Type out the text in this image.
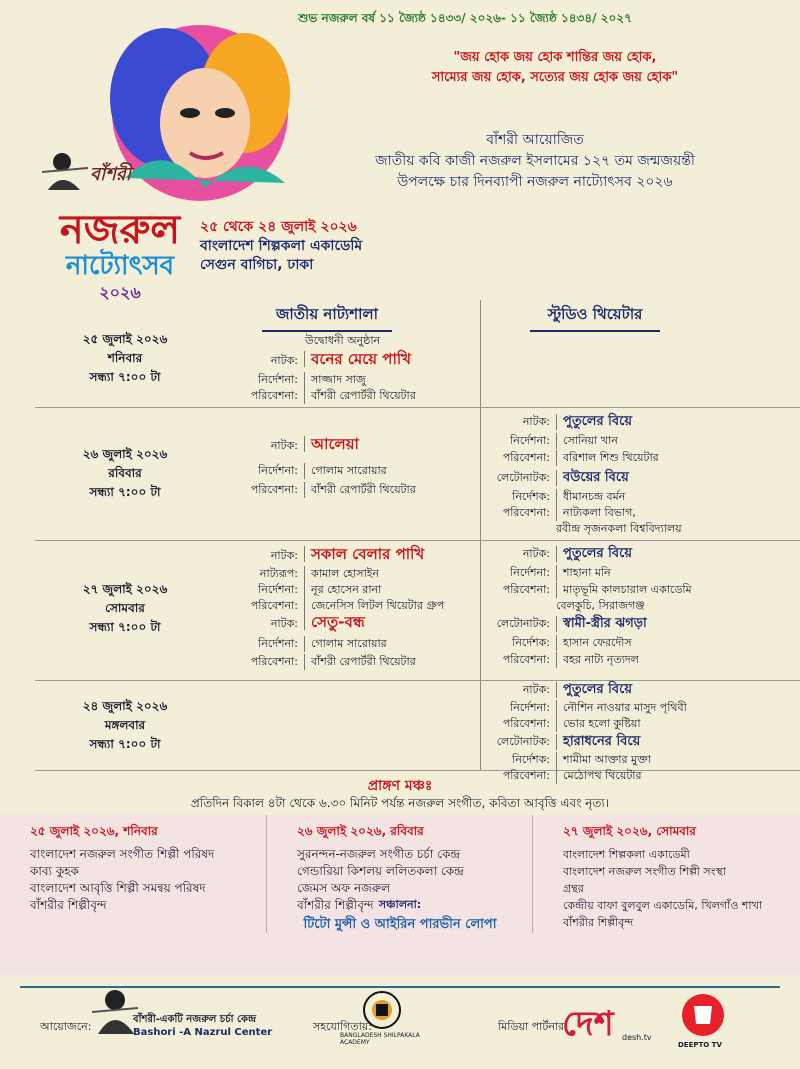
শুভ নজরুল বর্ষ ১১ জ্যৈষ্ঠ ১৪৩৩/ ২০২৬- ১১ জ্যৈষ্ঠ ১৪৩৪/ ২০২৭
"জয় হোক জয় হোক শান্তির জয় হোক,
সাম্যের জয় হোক, সত্যের জয় হোক জয় হোক"
বাঁশরী আয়োজিত
জাতীয় কবি কাজী নজরুল ইসলামের ১২৭ তম জন্মজয়ন্তী
উপলক্ষে চার দিনব্যাপী নজরুল নাট্যোৎসব ২০২৬
বাঁশরী
নজরুল
নাট্যোৎসব
২০২৬
২৫ থেকে ২৪ জুলাই ২০২৬
বাংলাদেশ শিল্পকলা একাডেমি
সেগুন বাগিচা, ঢাকা
জাতীয় নাট্যশালা	স্টুডিও থিয়েটার
২৫ জুলাই ২০২৬
শনিবার
সন্ধ্যা ৭:০০ টা
উদ্বোধনী অনুষ্ঠান
নাটক: বনের মেয়ে পাখি
নির্দেশনা: সাজ্জাদ সাজু
পরিবেশনা: বাঁশরী রেপার্টরী থিয়েটার
২৬ জুলাই ২০২৬
রবিবার
সন্ধ্যা ৭:০০ টা
নাটক: আলেয়া
নির্দেশনা: গোলাম সারোয়ার
পরিবেশনা: বাঁশরী রেপার্টরী থিয়েটার
নাটক: পুতুলের বিয়ে
নির্দেশনা: সোনিয়া খান
পরিবেশনা: বরিশাল শিশু থিয়েটার
লেটোনাটক: বউয়ের বিয়ে
নির্দেশক: ধীমানচন্দ্র বর্মন
পরিবেশনা: নাট্যকলা বিভাগ,
রবীন্দ্র সৃজনকলা বিশ্ববিদ্যালয়
২৭ জুলাই ২০২৬
সোমবার
সন্ধ্যা ৭:০০ টা
নাটক: সকাল বেলার পাখি
নাট্যরূপ: কামাল হোসাইন
নির্দেশনা: নূর হোসেন রানা
পরিবেশনা: জেনেসিস লিটল থিয়েটার গ্রুপ
নাটক: সেতু-বন্ধ
নির্দেশনা: গোলাম সারোয়ার
পরিবেশনা: বাঁশরী রেপার্টরী থিয়েটার
নাটক: পুতুলের বিয়ে
নির্দেশনা: শাহানা মনি
পরিবেশনা: মাতৃভূমি কালচারাল একাডেমি
বেলকুচি, সিরাজগঞ্জ
লেটোনাটক: স্বামী-স্ত্রীর ঝগড়া
নির্দেশক: হাসান ফেরদৌস
পরিবেশনা: বহর নাট্য নৃত্যদল
২৪ জুলাই ২০২৬
মঙ্গলবার
সন্ধ্যা ৭:০০ টা
নাটক: পুতুলের বিয়ে
নির্দেশনা: নৌশিন নাওয়ার মাসুদ পৃথিবী
পরিবেশনা: ভোর হলো কুষ্টিয়া
লেটোনাটক: হারাধনের বিয়ে
নির্দেশক: শামীমা আক্তার মুক্তা
পরিবেশনা: মেঠোপথ থিয়েটার
প্রাঙ্গণ মঞ্চঃ
প্রতিদিন বিকাল ৪টা থেকে ৬.৩০ মিনিট পর্যন্ত নজরুল সংগীত, কবিতা আবৃত্তি এবং নৃত্য।
২৫ জুলাই ২০২৬, শনিবার
বাংলাদেশ নজরুল সংগীত শিল্পী পরিষদ
কাব্য কুহক
বাংলাদেশ আবৃত্তি শিল্পী সমন্বয় পরিষদ
বাঁশরীর শিল্পীবৃন্দ
২৬ জুলাই ২০২৬, রবিবার
সুরনন্দন-নজরুল সংগীত চর্চা কেন্দ্র
গেন্ডারিয়া কিশলয় ললিতকলা কেন্দ্র
জেমস অফ নজরুল
বাঁশরীর শিল্পীবৃন্দ
২৭ জুলাই ২০২৬, সোমবার
বাংলাদেশ শিল্পকলা একাডেমী
বাংলাদেশ নজরুল সংগীত শিল্পী সংস্থা
গ্রন্থর
কেন্দ্রীয় বাফা বুলবুল একাডেমি, খিলগাঁও শাখা
বাঁশরীর শিল্পীবৃন্দ
সঞ্চালনা:
টিটো মুন্সী ও আইরিন পারভীন লোপা
আয়োজনে:
বাঁশরী-একটি নজরুল চর্চা কেন্দ্র
Bashori -A Nazrul Center	সহযোগিতায়:
BANGLADESH SHILPAKALA ACADEMY
মিডিয়া পার্টনার:
দেশ desh.tv
DEEPTO TV
